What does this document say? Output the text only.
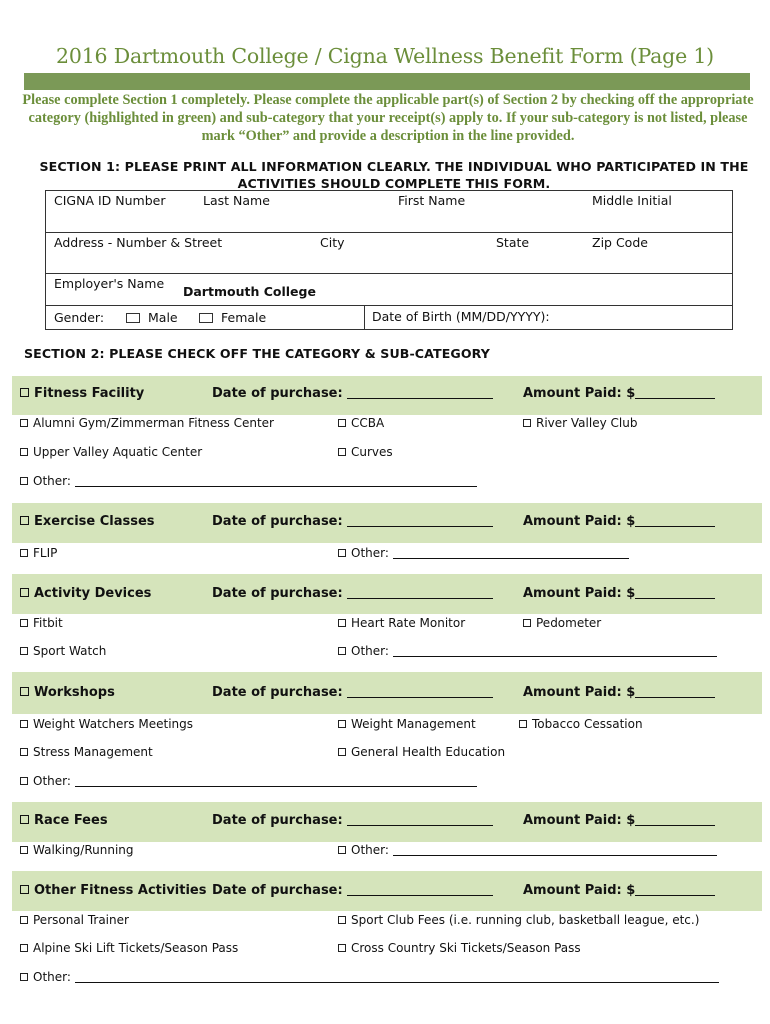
2016 Dartmouth College / Cigna Wellness Benefit Form (Page 1)
Please complete Section 1 completely. Please complete the applicable part(s) of Section 2 by checking off the appropriate category (highlighted in green) and sub-category that your receipt(s) apply to. If your sub-category is not listed, please mark “Other” and provide a description in the line provided.
SECTION 1: PLEASE PRINT ALL INFORMATION CLEARLY. THE INDIVIDUAL WHO PARTICIPATED IN THE ACTIVITIES SHOULD COMPLETE THIS FORM.
CIGNA ID Number	Last Name	First Name	Middle Initial
Address - Number & Street	City	State	Zip Code
Employer's Name
Dartmouth College
Gender:	Male	Female	Date of Birth (MM/DD/YYYY):
SECTION 2: PLEASE CHECK OFF THE CATEGORY & SUB-CATEGORY
Fitness Facility	Date of purchase:	Amount Paid: $
Alumni Gym/Zimmerman Fitness Center	CCBA	River Valley Club
Upper Valley Aquatic Center	Curves
Other:
Exercise Classes	Date of purchase:	Amount Paid: $
FLIP	Other:
Activity Devices	Date of purchase:	Amount Paid: $
Fitbit	Heart Rate Monitor	Pedometer
Sport Watch	Other:
Workshops	Date of purchase:	Amount Paid: $
Weight Watchers Meetings	Weight Management	Tobacco Cessation
Stress Management	General Health Education
Other:
Race Fees	Date of purchase:	Amount Paid: $
Walking/Running	Other:
Other Fitness Activities Date of purchase:	Amount Paid: $
Personal Trainer	Sport Club Fees (i.e. running club, basketball league, etc.)
Alpine Ski Lift Tickets/Season Pass	Cross Country Ski Tickets/Season Pass
Other:
